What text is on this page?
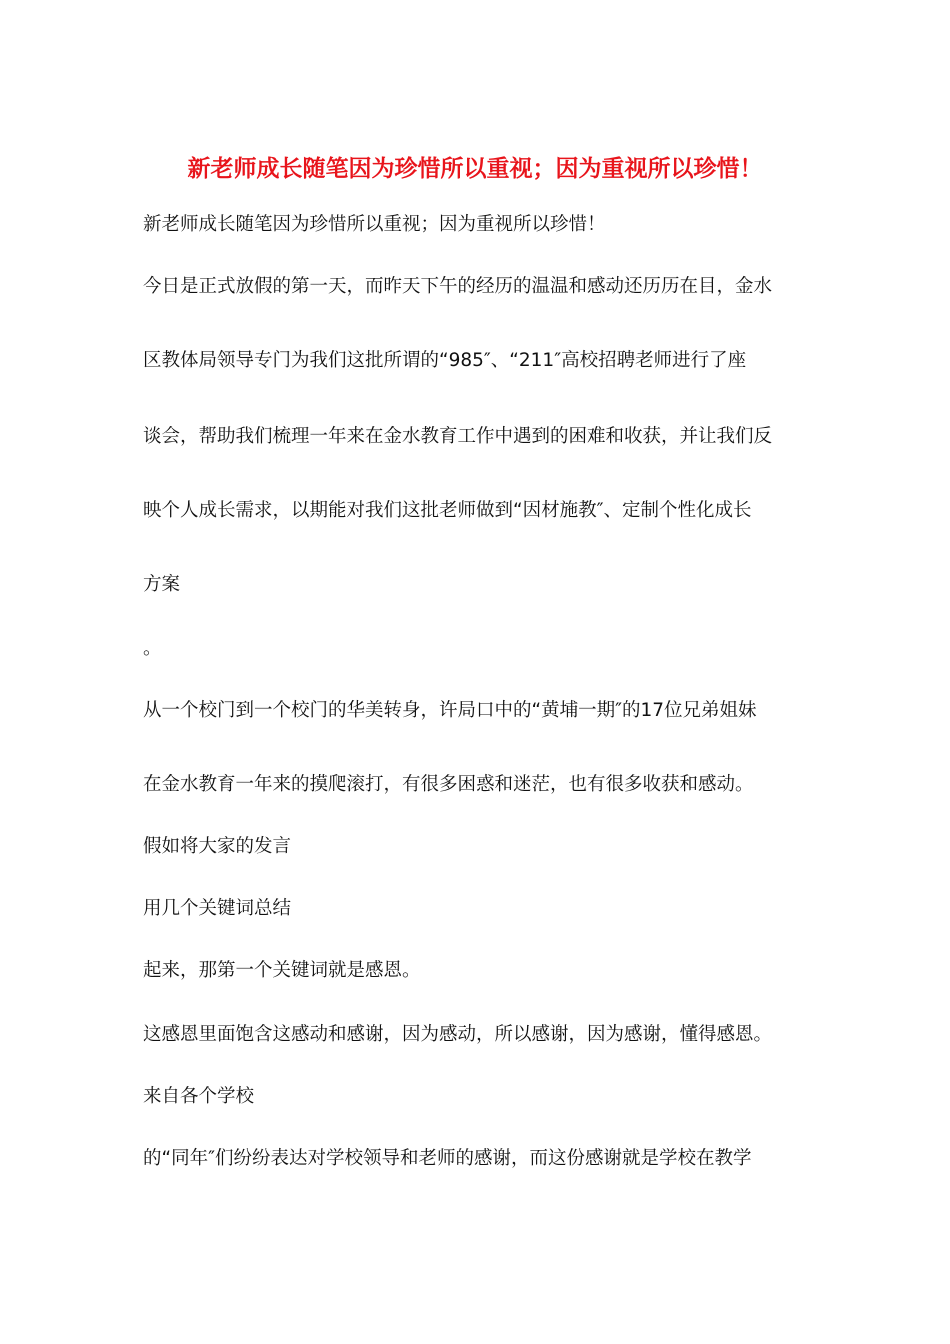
新老师成长随笔因为珍惜所以重视；因为重视所以珍惜！
新老师成长随笔因为珍惜所以重视；因为重视所以珍惜！
今日是正式放假的第一天，而昨天下午的经历的温温和感动还历历在目，金水
区教体局领导专门为我们这批所谓的“985″、“211″高校招聘老师进行了座
谈会，帮助我们梳理一年来在金水教育工作中遇到的困难和收获，并让我们反
映个人成长需求，以期能对我们这批老师做到“因材施教″、定制个性化成长
方案
。
从一个校门到一个校门的华美转身，许局口中的“黄埔一期″的17位兄弟姐妹
在金水教育一年来的摸爬滚打，有很多困惑和迷茫，也有很多收获和感动。
假如将大家的发言
用几个关键词总结
起来，那第一个关键词就是感恩。
这感恩里面饱含这感动和感谢，因为感动，所以感谢，因为感谢，懂得感恩。
来自各个学校
的“同年″们纷纷表达对学校领导和老师的感谢，而这份感谢就是学校在教学
